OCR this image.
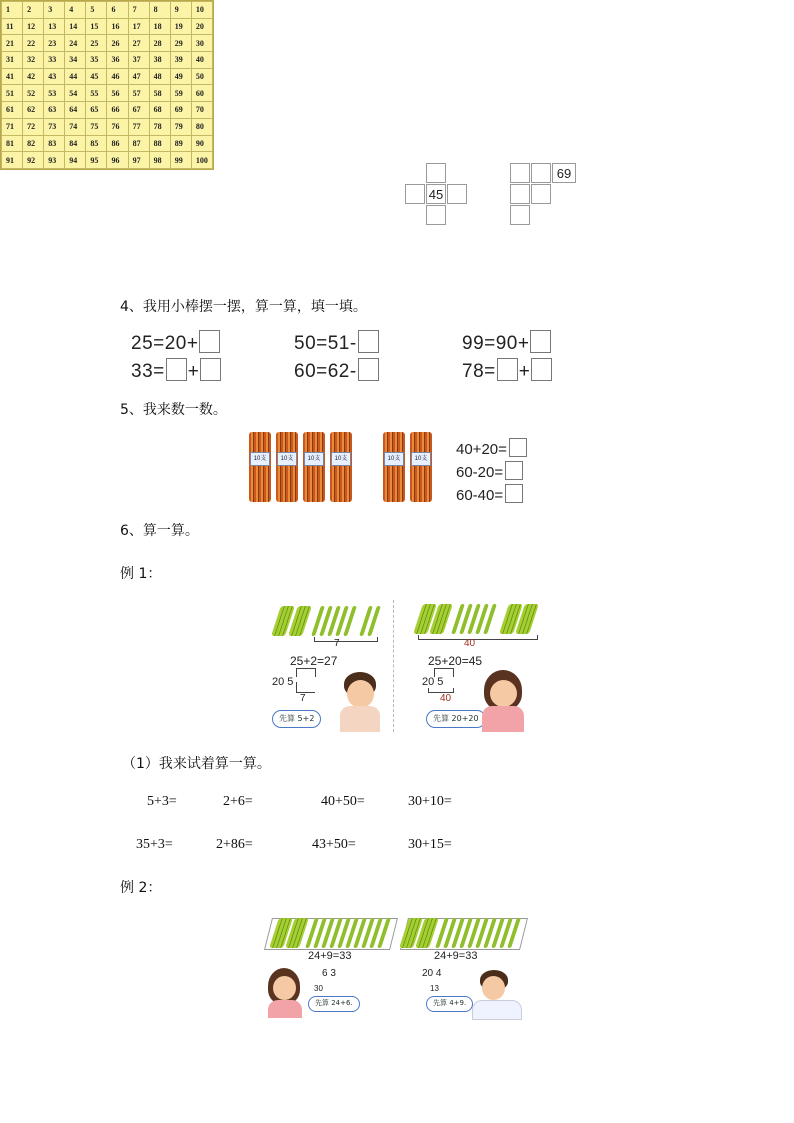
1	2	3	4	5	6	7	8	9	10
11	12	13	14	15	16	17	18	19	20
21	22	23	24	25	26	27	28	29	30
31	32	33	34	35	36	37	38	39	40
41	42	43	44	45	46	47	48	49	50
51	52	53	54	55	56	57	58	59	60
61	62	63	64	65	66	67	68	69	70
71	72	73	74	75	76	77	78	79	80
81	82	83	84	85	86	87	88	89	90
91	92	93	94	95	96	97	98	99	100
45
69
4、我用小棒摆一摆，算一算，填一填。
25=20+	50=51-	99=90+
33= +	60=62-	78= +
5、我来数一数。
10支	10支	10支	10支	10支	10支
40+20=
60-20=
60-40=
6、算一算。
例 1：
7
25+2=27
20 5
7
先算 5+2
40
25+20=45
20 5
40
先算 20+20
（1）我来试着算一算。
5+3=	2+6=	40+50=	30+10=
35+3=	2+86=	43+50=	30+15=
例 2：
24+9=33
6 3
30
先算 24+6.
24+9=33
20 4
13
先算 4+9.
